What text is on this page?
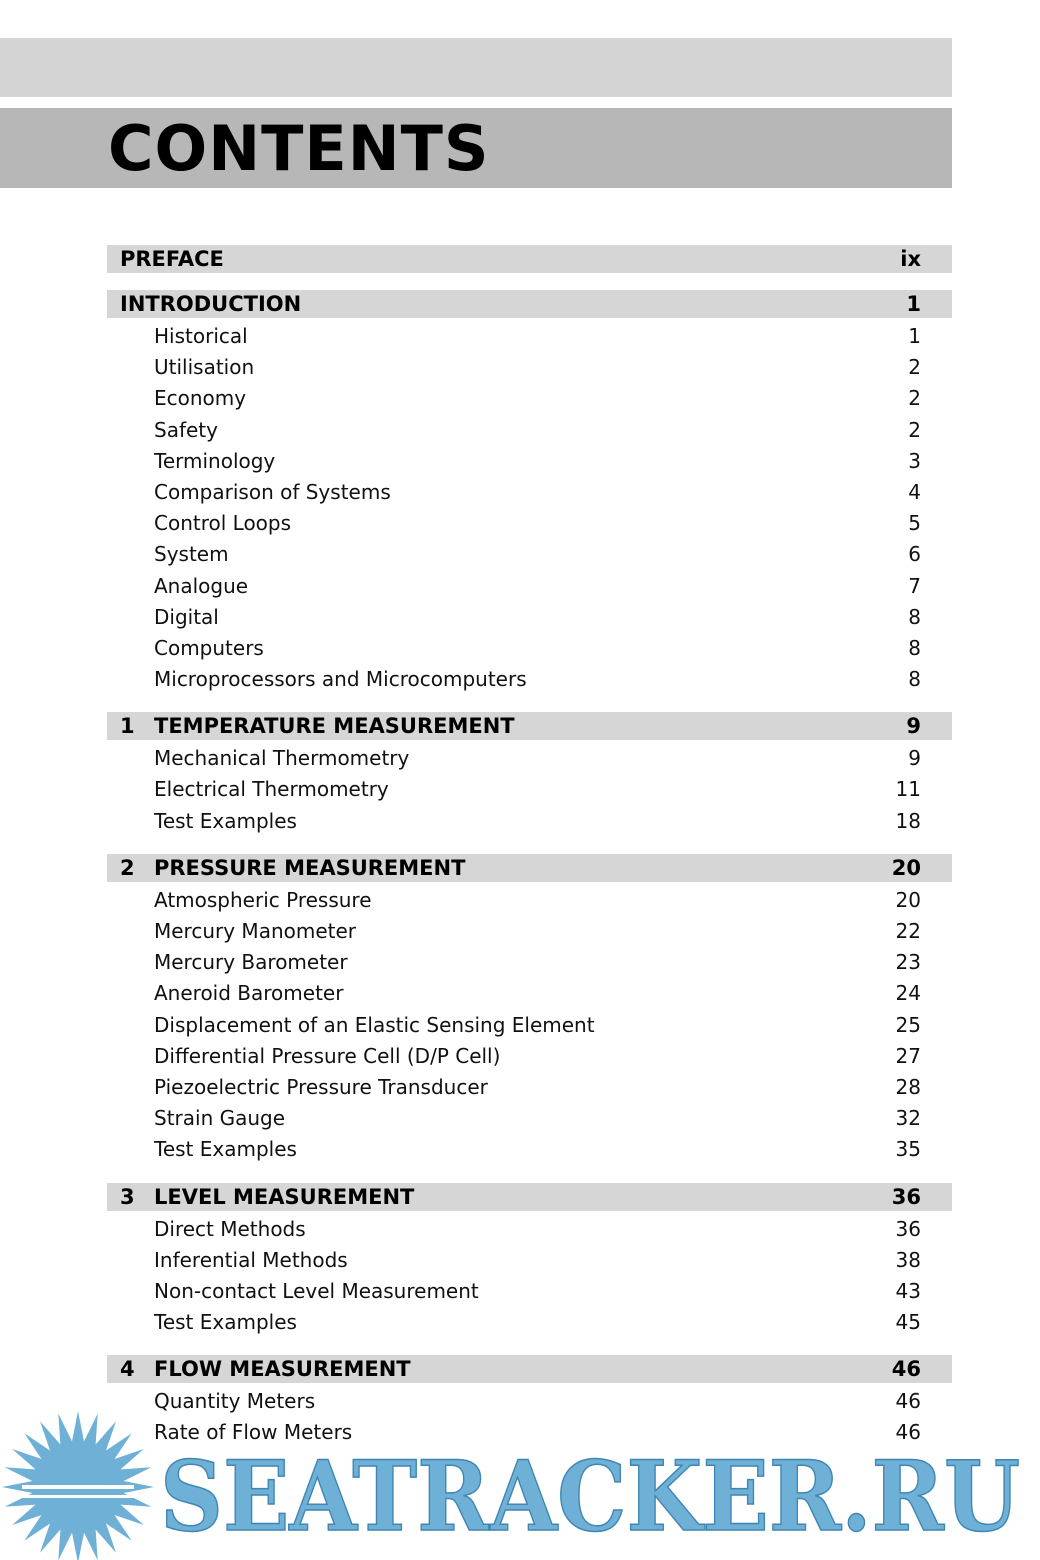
CONTENTS
PREFACE	ix
INTRODUCTION	1
Historical	1
Utilisation	2
Economy	2
Safety	2
Terminology	3
Comparison of Systems	4
Control Loops	5
System	6
Analogue	7
Digital	8
Computers	8
Microprocessors and Microcomputers	8
1 TEMPERATURE MEASUREMENT	9
Mechanical Thermometry	9
Electrical Thermometry	11
Test Examples	18
2 PRESSURE MEASUREMENT	20
Atmospheric Pressure	20
Mercury Manometer	22
Mercury Barometer	23
Aneroid Barometer	24
Displacement of an Elastic Sensing Element	25
Differential Pressure Cell (D/P Cell)	27
Piezoelectric Pressure Transducer	28
Strain Gauge	32
Test Examples	35
3 LEVEL MEASUREMENT	36
Direct Methods	36
Inferential Methods	38
Non-contact Level Measurement	43
Test Examples	45
4 FLOW MEASUREMENT	46
Quantity Meters	46
Rate of Flow Meters	46
SEATRACKER.RU
